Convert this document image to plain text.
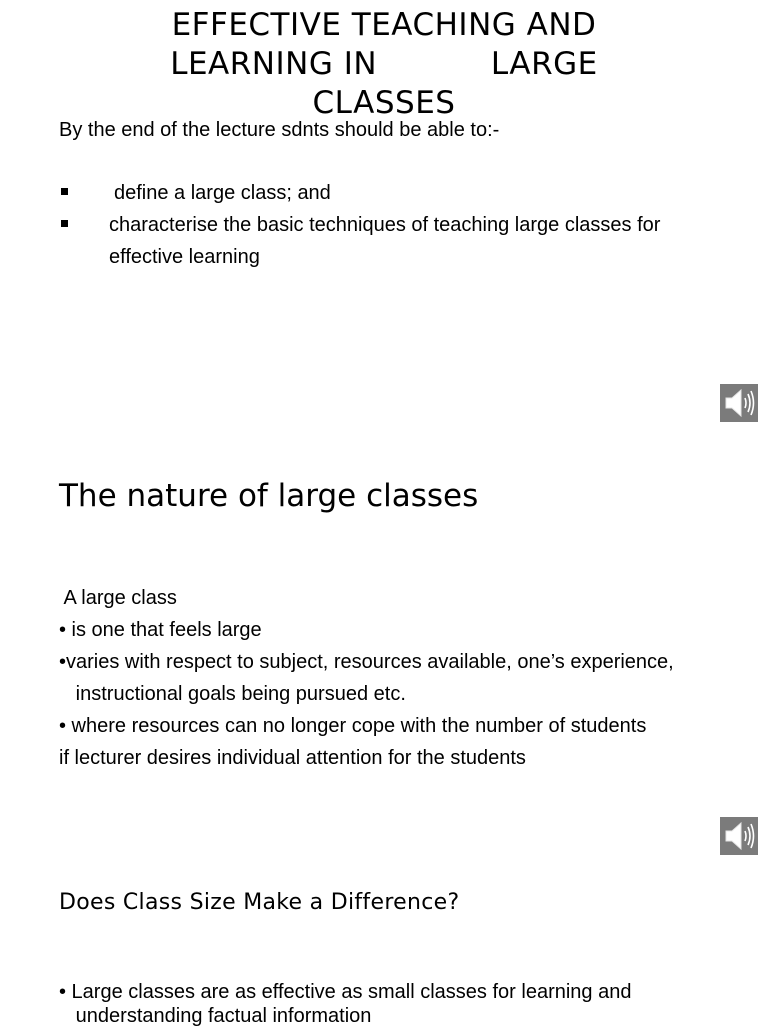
EFFECTIVE TEACHING AND
LEARNING IN           LARGE
CLASSES

By the end of the lecture sdnts should be able to:-

define a large class; and
characterise the basic techniques of teaching large classes for effective learning
The nature of large classes
A large class
• is one that feels large
•varies with respect to subject, resources available, one’s experience,
instructional goals being pursued etc.
• where resources can no longer cope with the number of students
if lecturer desires individual attention for the students
Does Class Size Make a Difference?
• Large classes are as effective as small classes for learning and
understanding factual information
